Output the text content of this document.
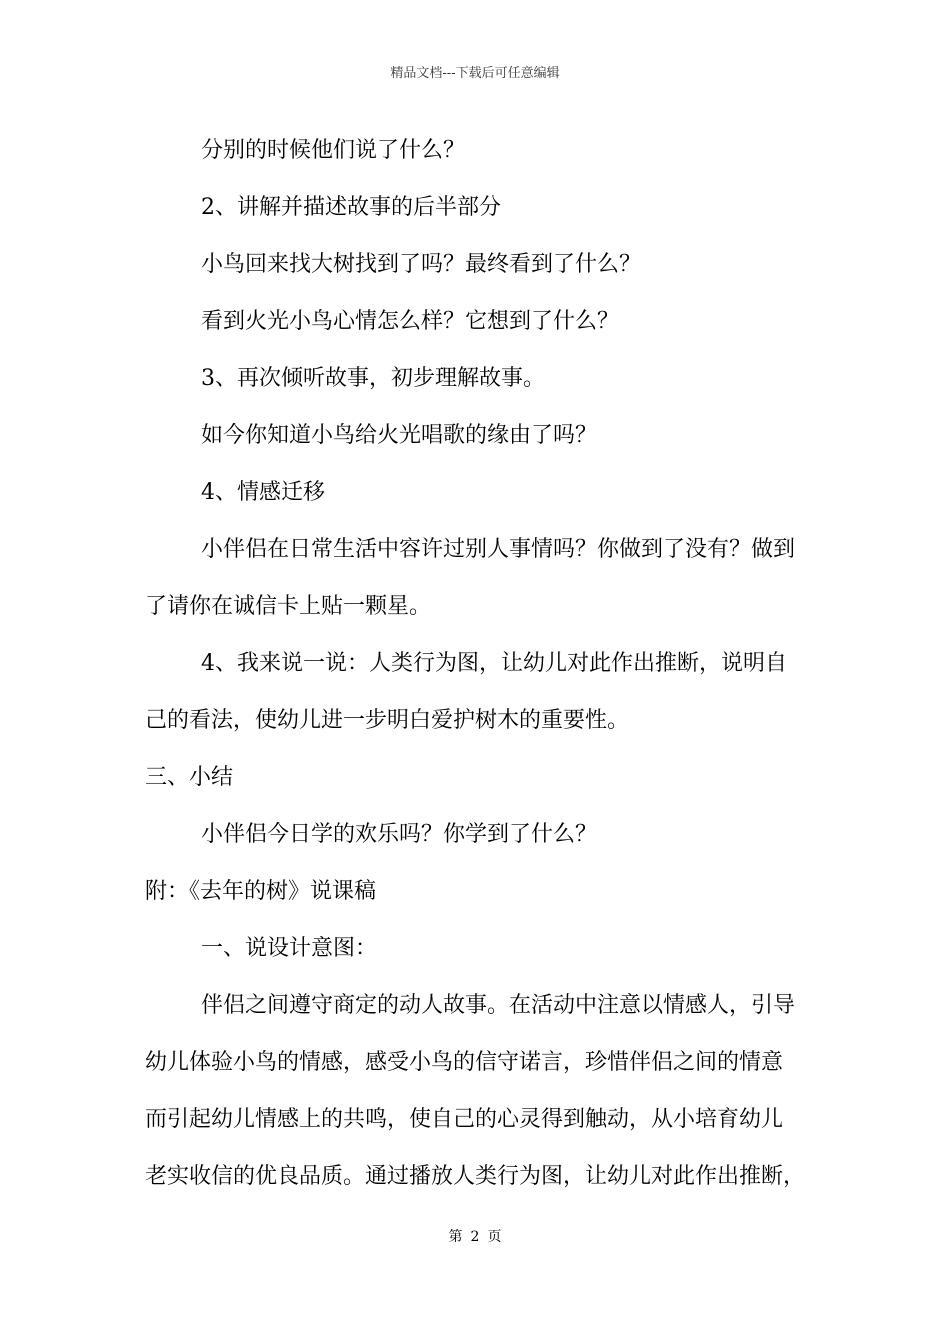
精品文档---下载后可任意编辑
分别的时候他们说了什么？
2、讲解并描述故事的后半部分
小鸟回来找大树找到了吗？最终看到了什么？
看到火光小鸟心情怎么样？它想到了什么？
3、再次倾听故事，初步理解故事。
如今你知道小鸟给火光唱歌的缘由了吗？
4、情感迁移
小伴侣在日常生活中容许过别人事情吗？你做到了没有？做到
了请你在诚信卡上贴一颗星。
4、我来说一说：人类行为图，让幼儿对此作出推断，说明自
己的看法，使幼儿进一步明白爱护树木的重要性。
三、小结
小伴侣今日学的欢乐吗？你学到了什么？
附：《去年的树》说课稿
一、说设计意图：
伴侣之间遵守商定的动人故事。在活动中注意以情感人，引导
幼儿体验小鸟的情感，感受小鸟的信守诺言，珍惜伴侣之间的情意
而引起幼儿情感上的共鸣，使自己的心灵得到触动，从小培育幼儿
老实收信的优良品质。通过播放人类行为图，让幼儿对此作出推断，
第 2 页
